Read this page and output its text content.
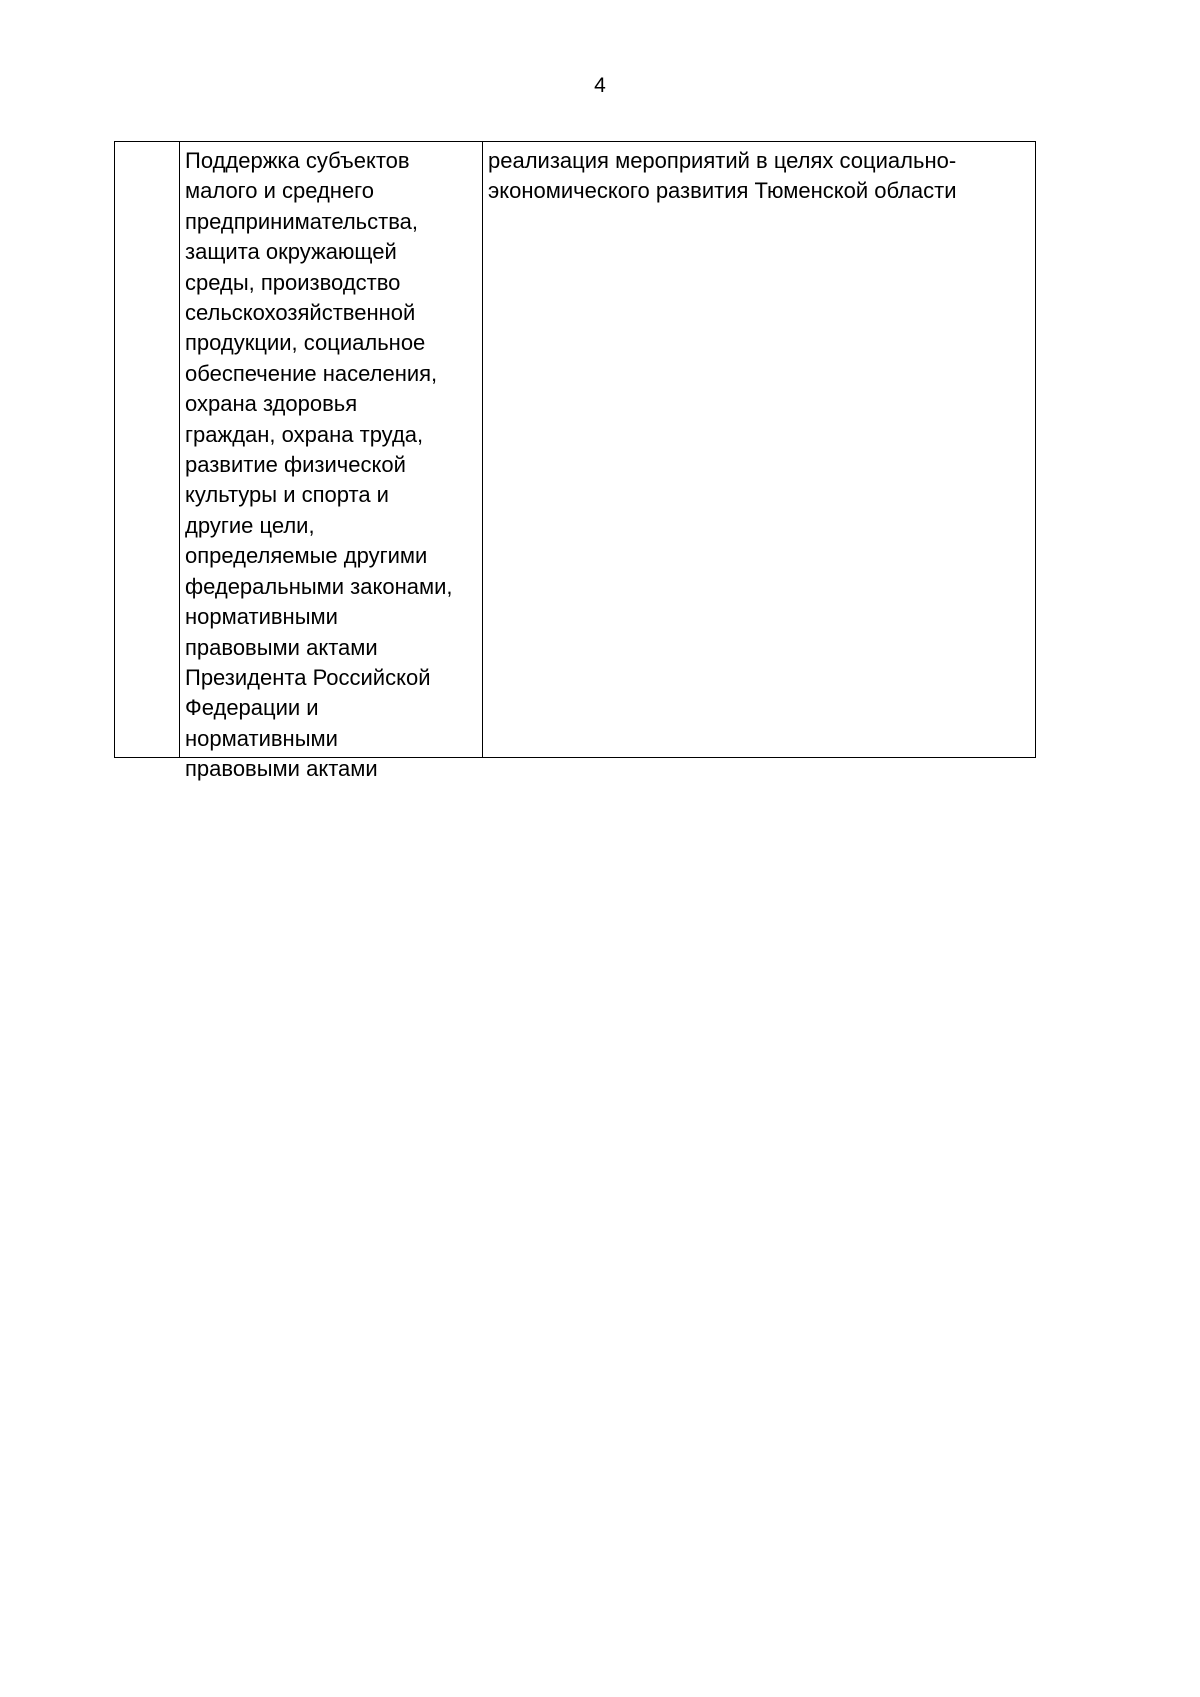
4

Поддержка субъектов
малого и среднего
предпринимательства,
защита окружающей
среды, производство
сельскохозяйственной
продукции, социальное
обеспечение населения,
охрана здоровья
граждан, охрана труда,
развитие физической
культуры и спорта и
другие цели,
определяемые другими
федеральными законами,
нормативными
правовыми актами
Президента Российской
Федерации и
нормативными
правовыми актами

реализация мероприятий в целях социально-
экономического развития Тюменской области
